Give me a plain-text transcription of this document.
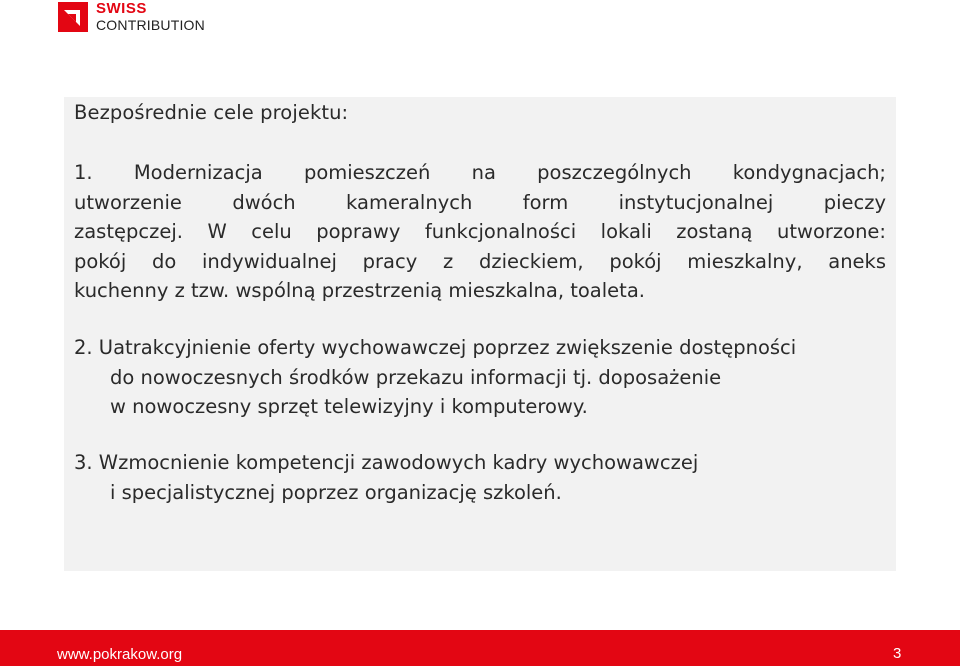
SWISS
CONTRIBUTION
Bezpośrednie cele projektu:
1. Modernizacja pomieszczeń na poszczególnych kondygnacjach;
utworzenie dwóch kameralnych form instytucjonalnej pieczy
zastępczej. W celu poprawy funkcjonalności lokali zostaną utworzone:
pokój do indywidualnej pracy z dzieckiem, pokój mieszkalny, aneks
kuchenny z tzw. wspólną przestrzenią mieszkalna, toaleta.
2. Uatrakcyjnienie oferty wychowawczej poprzez zwiększenie dostępności
do nowoczesnych środków przekazu informacji tj. doposażenie
w nowoczesny sprzęt telewizyjny i komputerowy.
3. Wzmocnienie kompetencji zawodowych kadry wychowawczej
i specjalistycznej poprzez organizację szkoleń.
www.pokrakow.org	3
